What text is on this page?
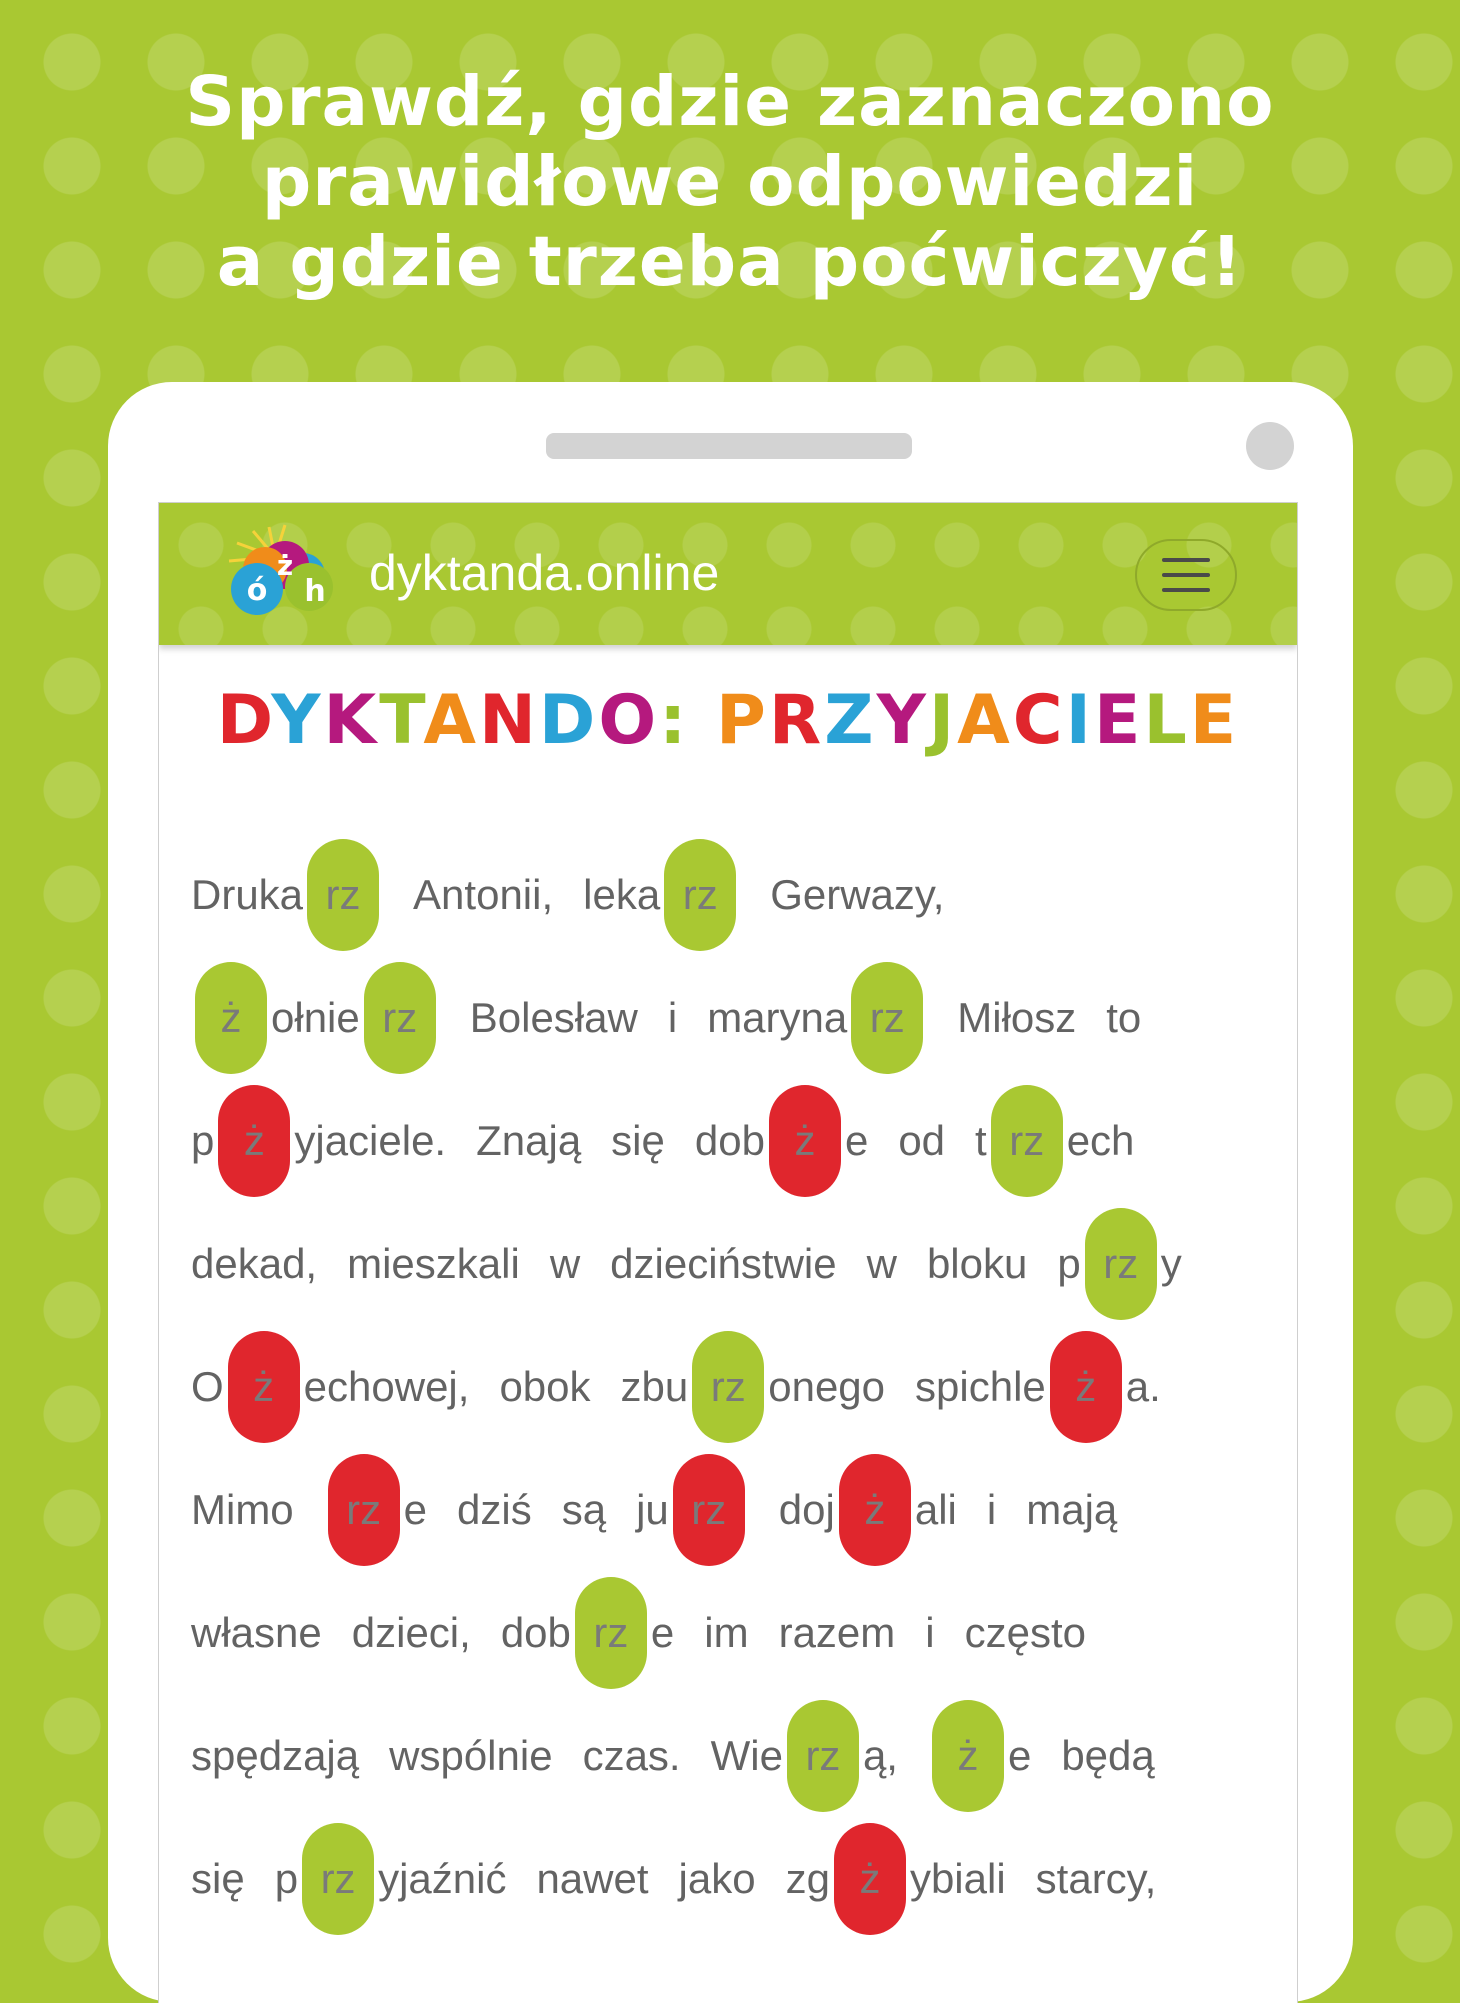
Sprawdź, gdzie zaznaczono
prawidłowe odpowiedzi
a gdzie trzeba poćwiczyć!
ó
ż
h dyktanda.online
DYKTANDO: PRZYJACIELE
Druka rz	Antonii, leka rz	Gerwazy,
ż ołnie rz	Bolesław i maryna rz	Miłosz to
p ż yjaciele. Znają się dob ż e od t rz ech
dekad, mieszkali w dzieciństwie w bloku p rz y
O ż echowej, obok zbu rz onego spichle ż a.
Mimo	rz e dziś są ju rz	doj ż ali i mają
własne dzieci, dob rz e im razem i często
spędzają wspólnie czas. Wie rz ą,	ż e będą
się p rz yjaźnić nawet jako zg ż ybiali starcy,
